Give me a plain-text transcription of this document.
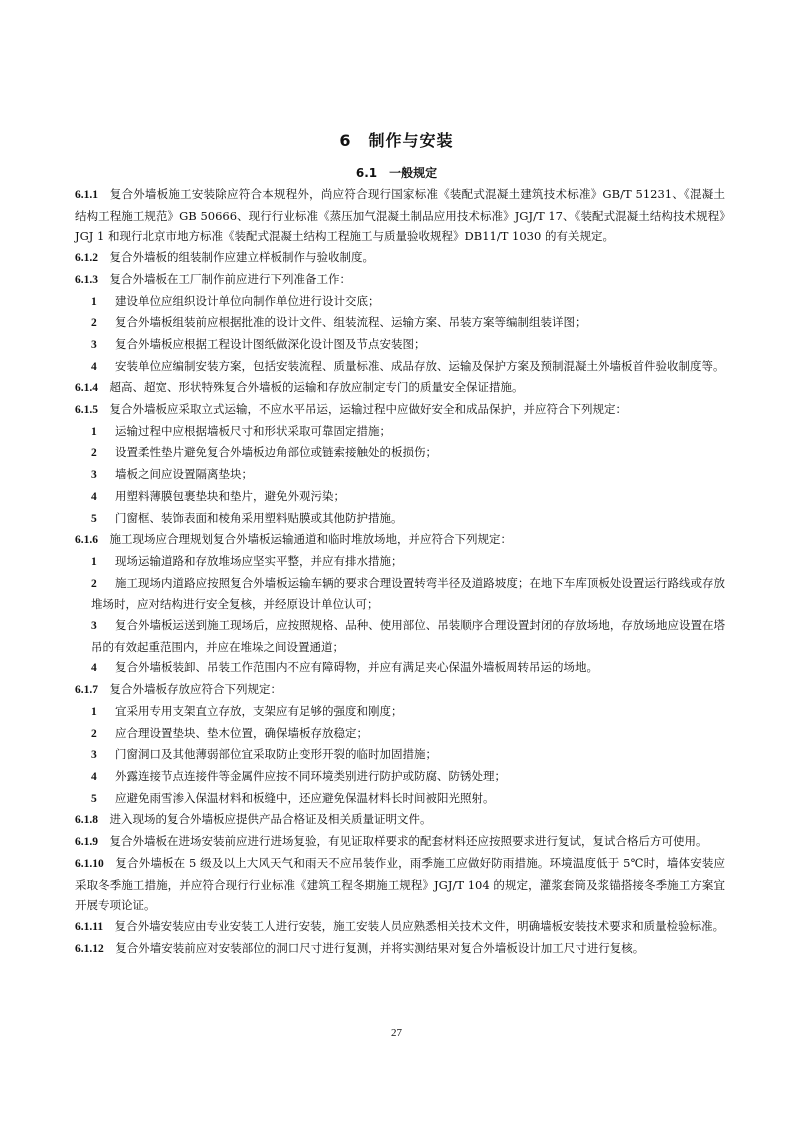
6　制作与安装
6.1　一般规定
6.1.1  复合外墙板施工安装除应符合本规程外，尚应符合现行国家标准《装配式混凝土建筑技术标准》GB/T 51231、《混凝土结构工程施工规范》GB 50666、现行行业标准《蒸压加气混凝土制品应用技术标准》JGJ/T 17、《装配式混凝土结构技术规程》JGJ 1 和现行北京市地方标准《装配式混凝土结构工程施工与质量验收规程》DB11/T 1030 的有关规定。
6.1.2  复合外墙板的组装制作应建立样板制作与验收制度。
6.1.3  复合外墙板在工厂制作前应进行下列准备工作：
1 建设单位应组织设计单位向制作单位进行设计交底；
2 复合外墙板组装前应根据批准的设计文件、组装流程、运输方案、吊装方案等编制组装详图；
3 复合外墙板应根据工程设计图纸做深化设计图及节点安装图；
4 安装单位应编制安装方案，包括安装流程、质量标准、成品存放、运输及保护方案及预制混凝土外墙板首件验收制度等。
6.1.4  超高、超宽、形状特殊复合外墙板的运输和存放应制定专门的质量安全保证措施。
6.1.5  复合外墙板应采取立式运输，不应水平吊运，运输过程中应做好安全和成品保护，并应符合下列规定：
1 运输过程中应根据墙板尺寸和形状采取可靠固定措施；
2 设置柔性垫片避免复合外墙板边角部位或链索接触处的板损伤；
3 墙板之间应设置隔离垫块；
4 用塑料薄膜包裹垫块和垫片，避免外观污染；
5 门窗框、装饰表面和棱角采用塑料贴膜或其他防护措施。
6.1.6  施工现场应合理规划复合外墙板运输通道和临时堆放场地，并应符合下列规定：
1 现场运输道路和存放堆场应坚实平整，并应有排水措施；
2 施工现场内道路应按照复合外墙板运输车辆的要求合理设置转弯半径及道路坡度；在地下车库顶板处设置运行路线或存放堆场时，应对结构进行安全复核，并经原设计单位认可；
3 复合外墙板运送到施工现场后，应按照规格、品种、使用部位、吊装顺序合理设置封闭的存放场地，存放场地应设置在塔吊的有效起重范围内，并应在堆垛之间设置通道；
4 复合外墙板装卸、吊装工作范围内不应有障碍物，并应有满足夹心保温外墙板周转吊运的场地。
6.1.7  复合外墙板存放应符合下列规定：
1 宜采用专用支架直立存放，支架应有足够的强度和刚度；
2 应合理设置垫块、垫木位置，确保墙板存放稳定；
3 门窗洞口及其他薄弱部位宜采取防止变形开裂的临时加固措施；
4 外露连接节点连接件等金属件应按不同环境类别进行防护或防腐、防锈处理；
5 应避免雨雪渗入保温材料和板缝中，还应避免保温材料长时间被阳光照射。
6.1.8  进入现场的复合外墙板应提供产品合格证及相关质量证明文件。
6.1.9  复合外墙板在进场安装前应进行进场复验，有见证取样要求的配套材料还应按照要求进行复试，复试合格后方可使用。
6.1.10  复合外墙板在 5 级及以上大风天气和雨天不应吊装作业，雨季施工应做好防雨措施。环境温度低于 5℃时，墙体安装应采取冬季施工措施，并应符合现行行业标准《建筑工程冬期施工规程》JGJ/T 104 的规定，灌浆套筒及浆锚搭接冬季施工方案宜开展专项论证。
6.1.11  复合外墙安装应由专业安装工人进行安装，施工安装人员应熟悉相关技术文件，明确墙板安装技术要求和质量检验标准。
6.1.12  复合外墙安装前应对安装部位的洞口尺寸进行复测，并将实测结果对复合外墙板设计加工尺寸进行复核。
27
